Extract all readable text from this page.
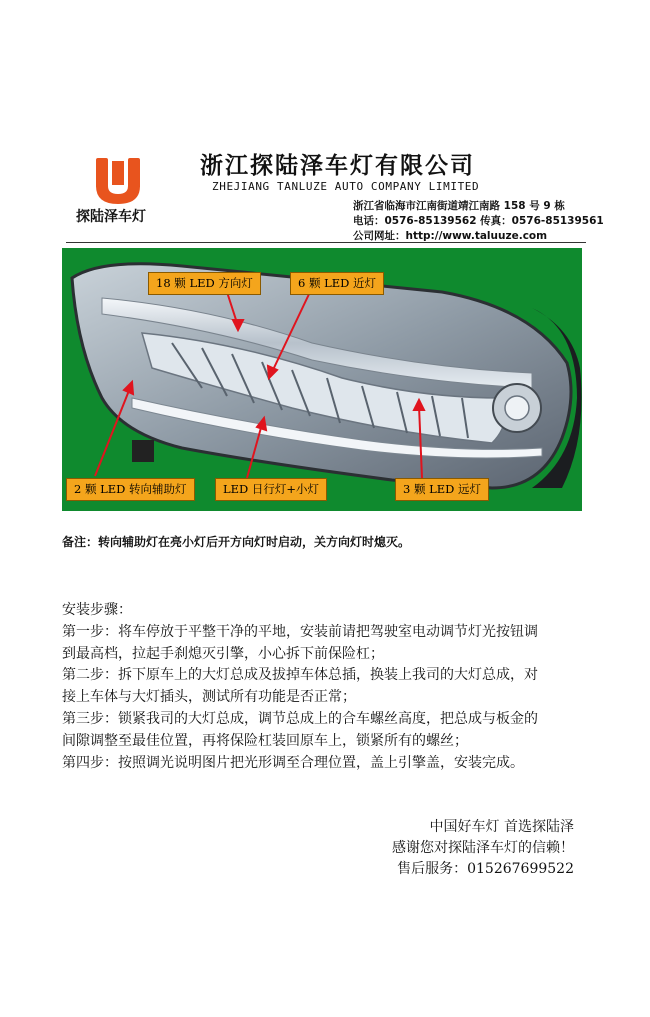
探陆泽车灯
浙江探陆泽车灯有限公司
ZHEJIANG TANLUZE AUTO COMPANY LIMITED
浙江省临海市江南街道靖江南路 158 号 9 栋
电话：0576-85139562 传真：0576-85139561
公司网址：http://www.taluuze.com
18 颗 LED 方向灯	6 颗 LED 近灯
2 颗 LED 转向辅助灯	LED 日行灯+小灯	3 颗 LED 远灯
备注：转向辅助灯在亮小灯后开方向灯时启动，关方向灯时熄灭。
安装步骤：
第一步：将车停放于平整干净的平地，安装前请把驾驶室电动调节灯光按钮调
到最高档，拉起手刹熄灭引擎，小心拆下前保险杠；
第二步：拆下原车上的大灯总成及拔掉车体总插，换装上我司的大灯总成，对
接上车体与大灯插头，测试所有功能是否正常；
第三步：锁紧我司的大灯总成，调节总成上的合车螺丝高度，把总成与板金的
间隙调整至最佳位置，再将保险杠装回原车上，锁紧所有的螺丝；
第四步：按照调光说明图片把光形调至合理位置，盖上引擎盖，安装完成。
中国好车灯 首选探陆泽
感谢您对探陆泽车灯的信赖！
售后服务：015267699522
